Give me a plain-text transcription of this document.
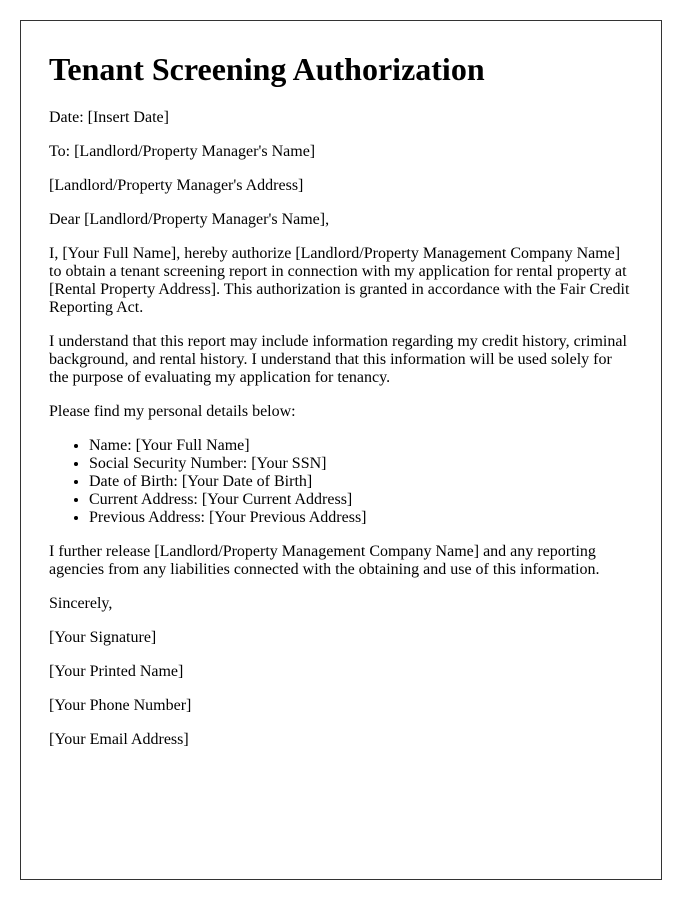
Tenant Screening Authorization

Date: [Insert Date]

To: [Landlord/Property Manager's Name]

[Landlord/Property Manager's Address]

Dear [Landlord/Property Manager's Name],

I, [Your Full Name], hereby authorize [Landlord/Property Management Company Name] to obtain a tenant screening report in connection with my application for rental property at [Rental Property Address]. This authorization is granted in accordance with the Fair Credit Reporting Act.

I understand that this report may include information regarding my credit history, criminal background, and rental history. I understand that this information will be used solely for the purpose of evaluating my application for tenancy.

Please find my personal details below:

• Name: [Your Full Name]
• Social Security Number: [Your SSN]
• Date of Birth: [Your Date of Birth]
• Current Address: [Your Current Address]
• Previous Address: [Your Previous Address]

I further release [Landlord/Property Management Company Name] and any reporting agencies from any liabilities connected with the obtaining and use of this information.

Sincerely,

[Your Signature]

[Your Printed Name]

[Your Phone Number]

[Your Email Address]
